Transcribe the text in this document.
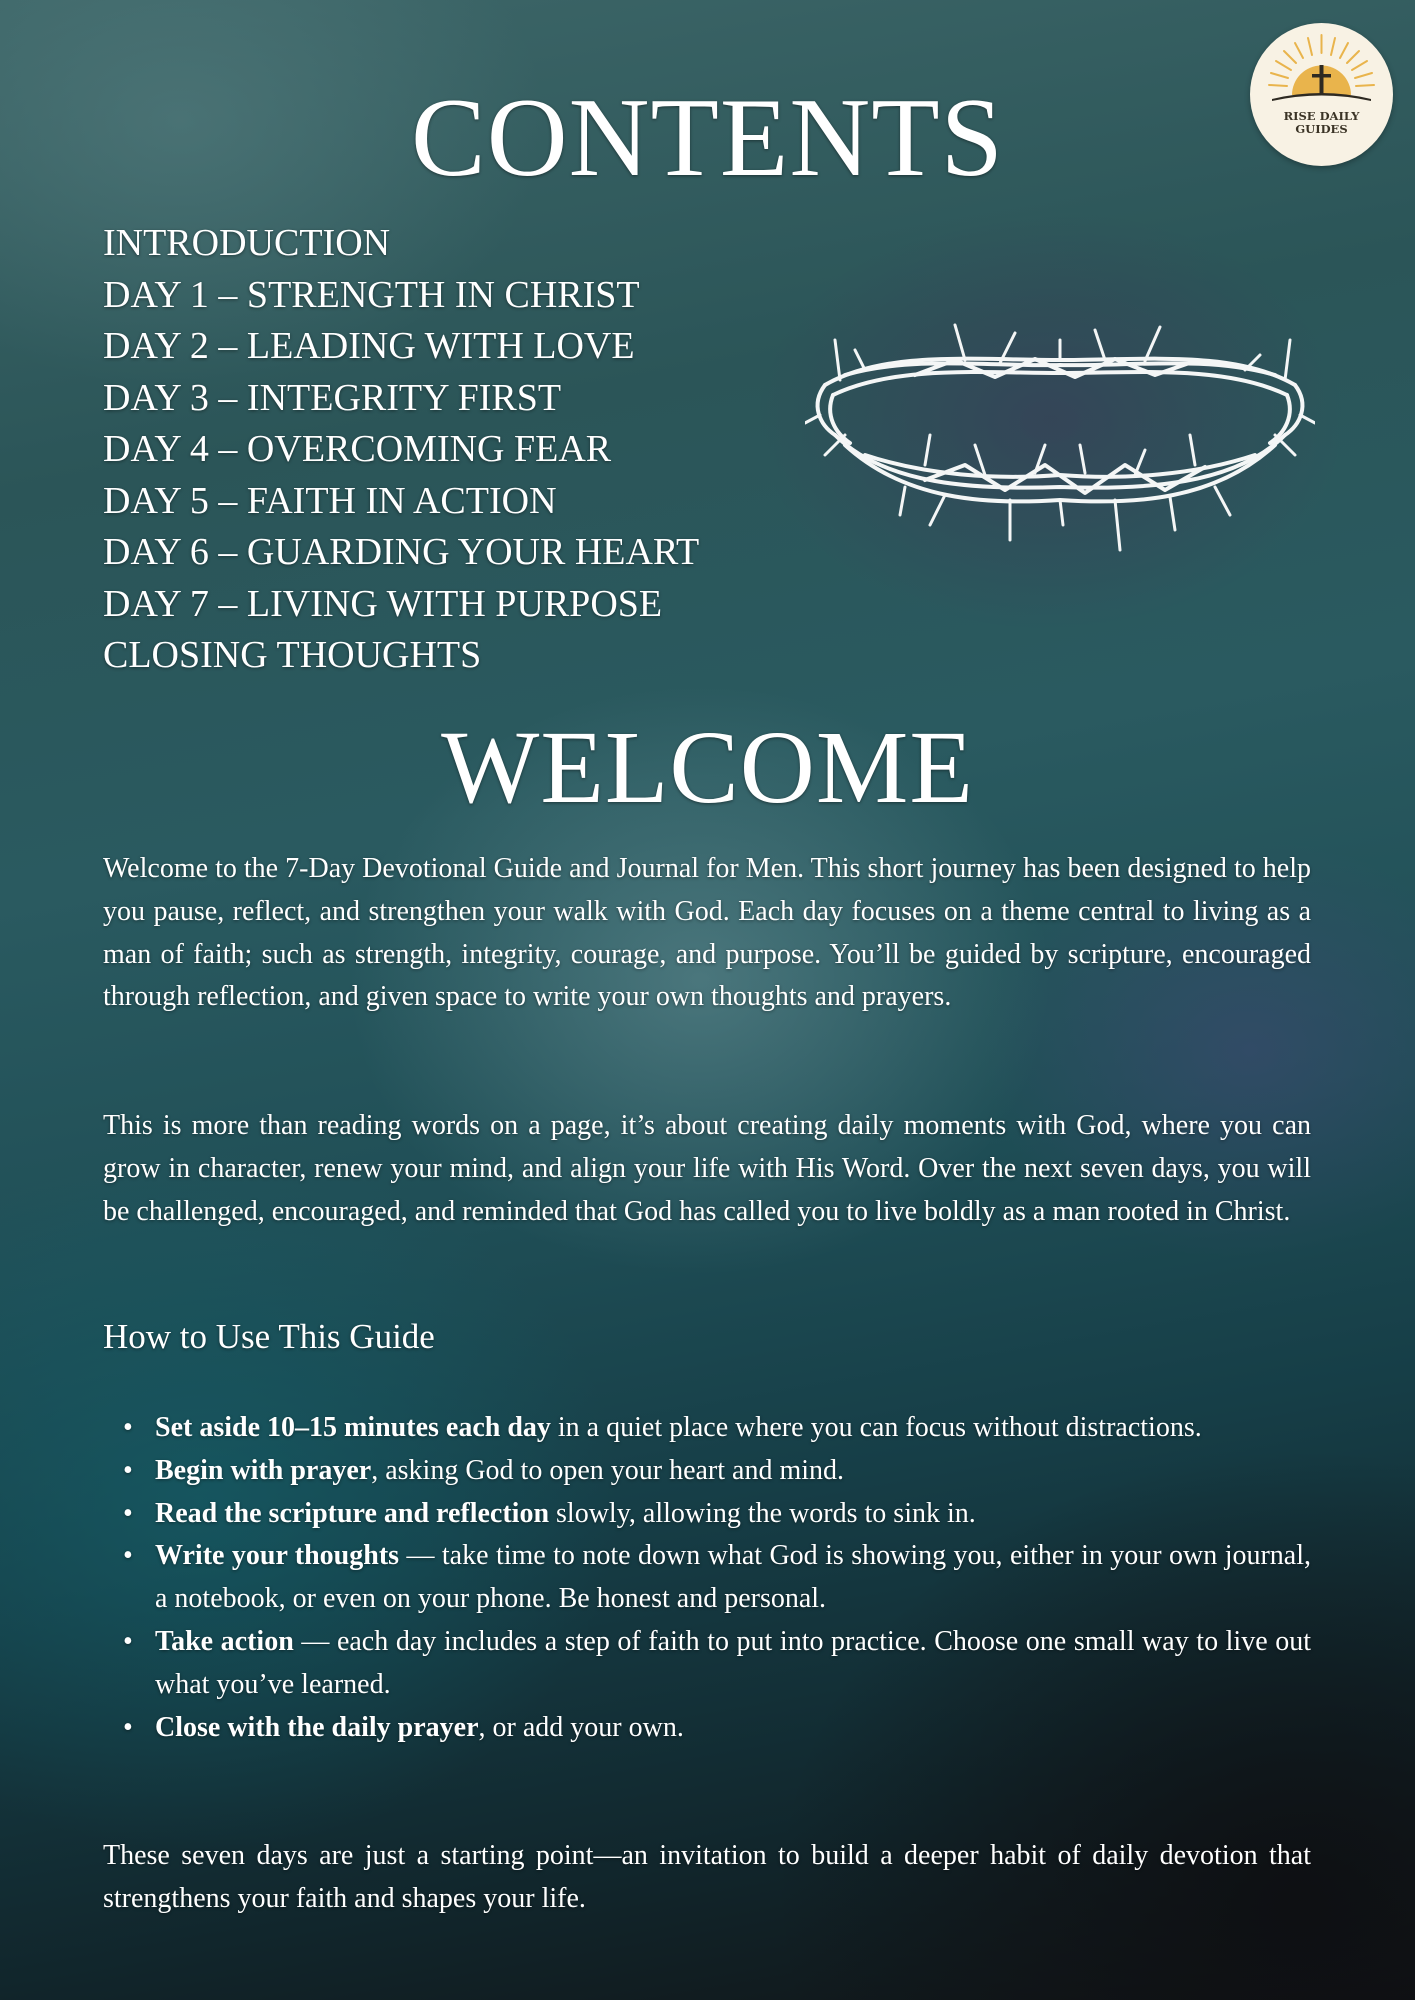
RISE DAILY
GUIDES
CONTENTS
INTRODUCTION
DAY 1 – STRENGTH IN CHRIST
DAY 2 – LEADING WITH LOVE
DAY 3 – INTEGRITY FIRST
DAY 4 – OVERCOMING FEAR
DAY 5 – FAITH IN ACTION
DAY 6 – GUARDING YOUR HEART
DAY 7 – LIVING WITH PURPOSE
CLOSING THOUGHTS
WELCOME

Welcome to the 7-Day Devotional Guide and Journal for Men. This short journey has been designed to help you pause, reflect, and strengthen your walk with God. Each day focuses on a theme central to living as a man of faith; such as strength, integrity, courage, and purpose. You’ll be guided by scripture, encouraged through reflection, and given space to write your own thoughts and prayers.

This is more than reading words on a page, it’s about creating daily moments with God, where you can grow in character, renew your mind, and align your life with His Word. Over the next seven days, you will be challenged, encouraged, and reminded that God has called you to live boldly as a man rooted in Christ.

How to Use This Guide
• Set aside 10–15 minutes each day in a quiet place where you can focus without distractions.
• Begin with prayer, asking God to open your heart and mind.
• Read the scripture and reflection slowly, allowing the words to sink in.
• Write your thoughts — take time to note down what God is showing you, either in your own journal, a notebook, or even on your phone. Be honest and personal.
• Take action — each day includes a step of faith to put into practice. Choose one small way to live out what you’ve learned.
• Close with the daily prayer, or add your own.

These seven days are just a starting point—an invitation to build a deeper habit of daily devotion that strengthens your faith and shapes your life.
